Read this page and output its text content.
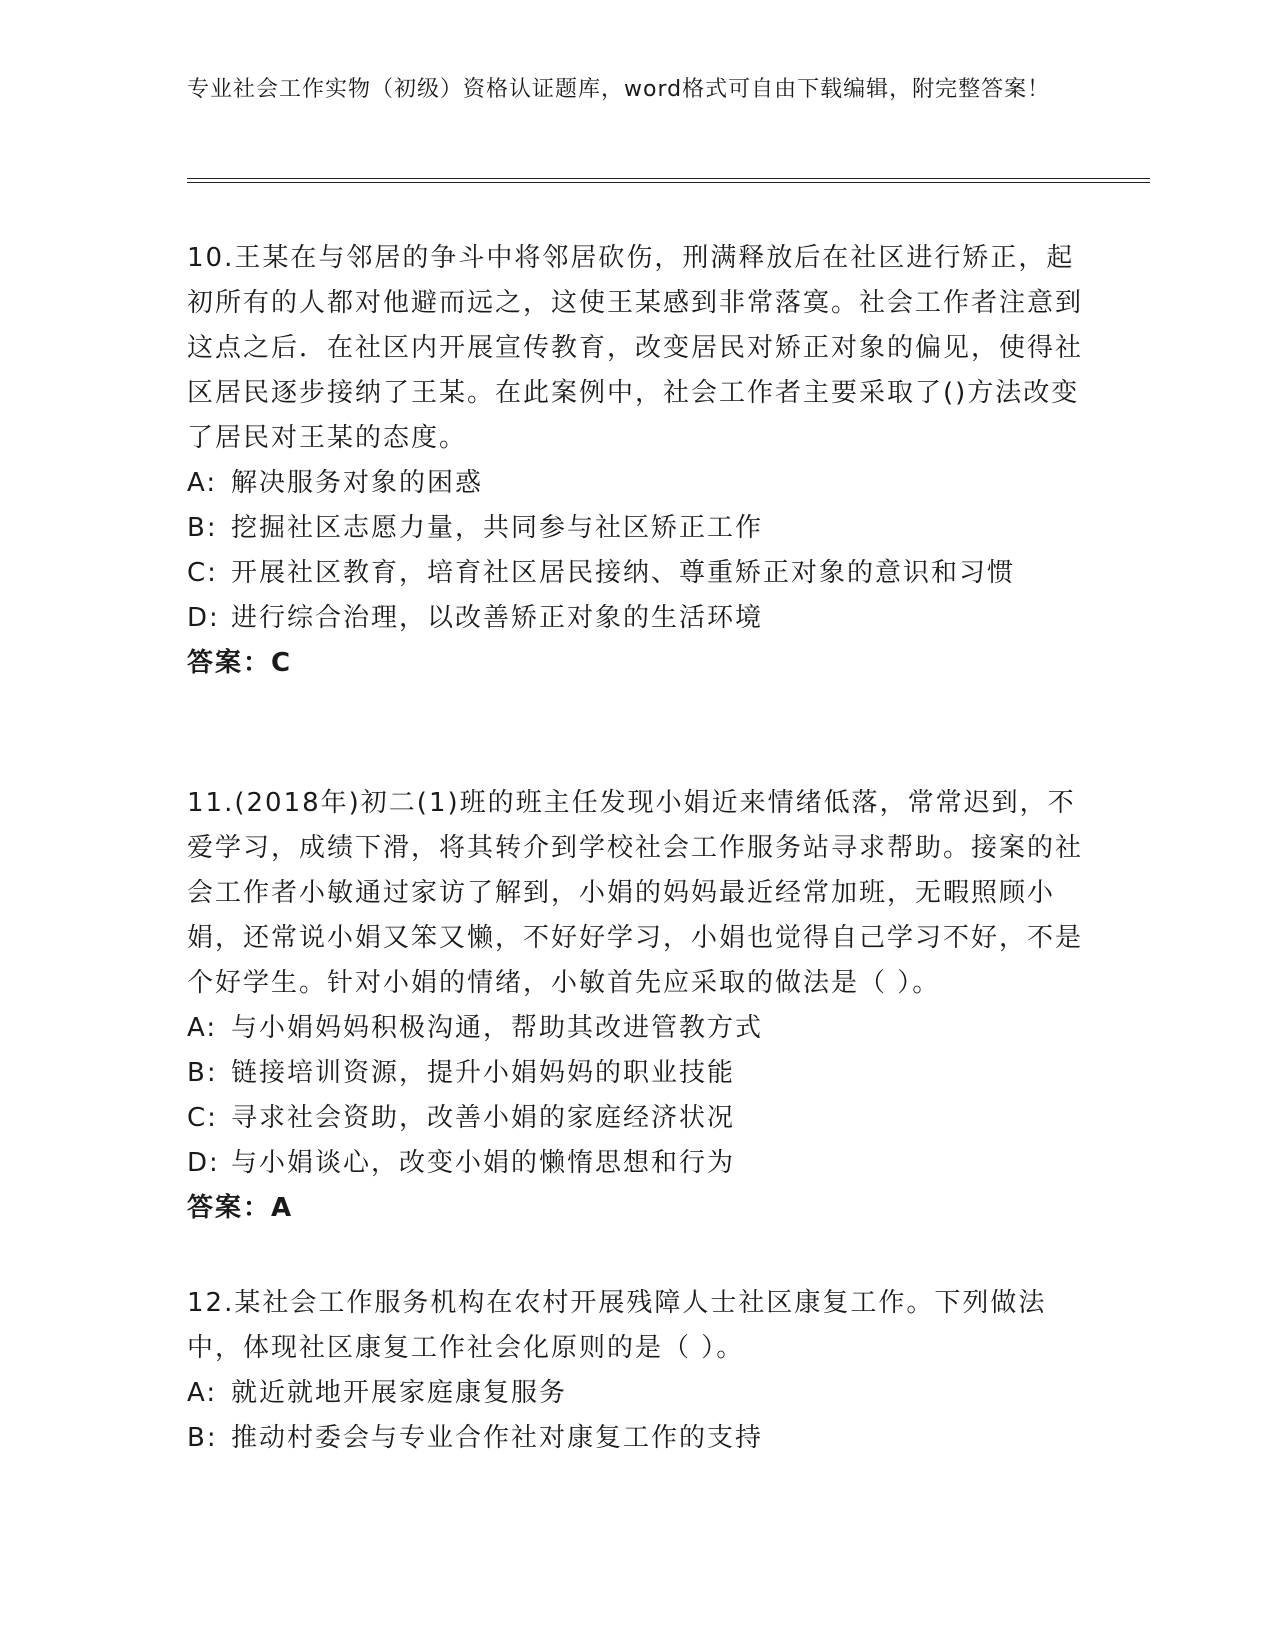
专业社会工作实物（初级）资格认证题库，word格式可自由下载编辑，附完整答案！
10.王某在与邻居的争斗中将邻居砍伤，刑满释放后在社区进行矫正，起初所有的人都对他避而远之，这使王某感到非常落寞。社会工作者注意到这点之后．在社区内开展宣传教育，改变居民对矫正对象的偏见，使得社区居民逐步接纳了王某。在此案例中，社会工作者主要采取了()方法改变了居民对王某的态度。
A: 解决服务对象的困惑
B: 挖掘社区志愿力量，共同参与社区矫正工作
C: 开展社区教育，培育社区居民接纳、尊重矫正对象的意识和习惯
D: 进行综合治理，以改善矫正对象的生活环境
答案：C
11.(2018年)初二(1)班的班主任发现小娟近来情绪低落，常常迟到，不爱学习，成绩下滑，将其转介到学校社会工作服务站寻求帮助。接案的社会工作者小敏通过家访了解到，小娟的妈妈最近经常加班，无暇照顾小娟，还常说小娟又笨又懒，不好好学习，小娟也觉得自己学习不好，不是个好学生。针对小娟的情绪，小敏首先应采取的做法是（ ）。
A: 与小娟妈妈积极沟通，帮助其改进管教方式
B: 链接培训资源，提升小娟妈妈的职业技能
C: 寻求社会资助，改善小娟的家庭经济状况
D: 与小娟谈心，改变小娟的懒惰思想和行为
答案：A
12.某社会工作服务机构在农村开展残障人士社区康复工作。下列做法中，体现社区康复工作社会化原则的是（ ）。
A: 就近就地开展家庭康复服务
B: 推动村委会与专业合作社对康复工作的支持
